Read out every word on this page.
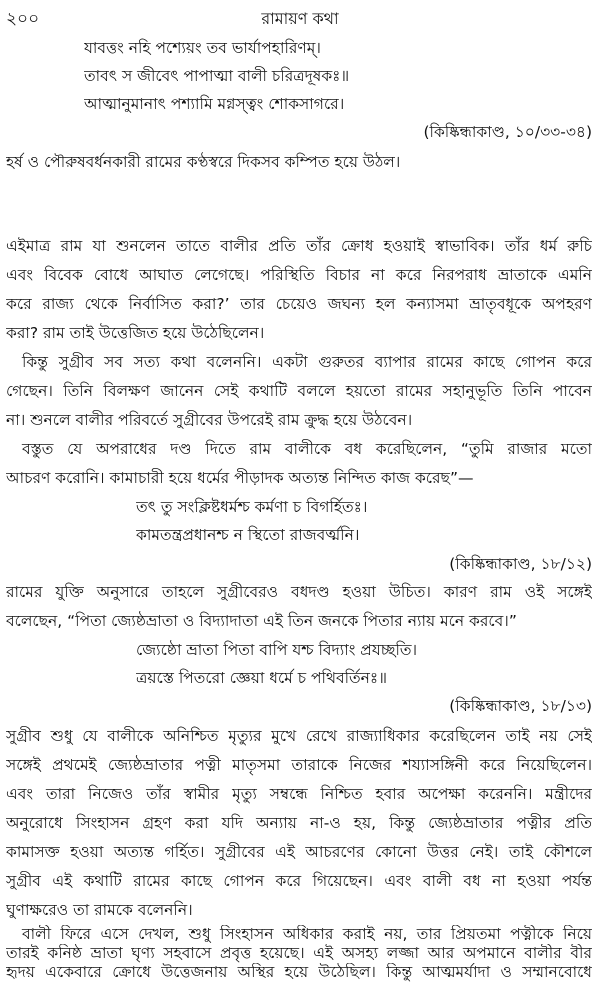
২০০	রামায়ণ কথা
যাবত্তং নহি পশ্যেয়ং তব ভার্যাপহারিণম্‌।
তাবৎ স জীবেৎ পাপাত্মা বালী চরিত্রদূষকঃ॥
আত্মানুমানাৎ পশ্যামি মগ্নস্ত্বং শোকসাগরে।
(কিষ্কিন্ধাকাণ্ড, ১০/৩৩-৩৪)
হর্ষ ও পৌরুষবর্ধনকারী রামের কণ্ঠস্বরে দিকসব কম্পিত হয়ে উঠল।
এইমাত্র রাম যা শুনলেন তাতে বালীর প্রতি তাঁর ক্রোধ হওয়াই স্বাভাবিক। তাঁর ধর্ম রুচি
এবং বিবেক বোধে আঘাত লেগেছে। পরিস্থিতি বিচার না করে নিরপরাধ ভ্রাতাকে এমনি
করে রাজ্য থেকে নির্বাসিত করা?’ তার চেয়েও জঘন্য হল কন্যাসমা ভ্রাতৃবধূকে অপহরণ
করা? রাম তাই উত্তেজিত হয়ে উঠেছিলেন।
কিন্তু সুগ্রীব সব সত্য কথা বলেননি। একটা গুরুতর ব্যাপার রামের কাছে গোপন করে
গেছেন। তিনি বিলক্ষণ জানেন সেই কথাটি বললে হয়তো রামের সহানুভূতি তিনি পাবেন
না। শুনলে বালীর পরিবর্তে সুগ্রীবের উপরেই রাম ক্রুদ্ধ হয়ে উঠবেন।
বস্তুত যে অপরাধের দণ্ড দিতে রাম বালীকে বধ করেছিলেন, “তুমি রাজার মতো
আচরণ করোনি। কামাচারী হয়ে ধর্মের পীড়াদক অত্যন্ত নিন্দিত কাজ করেছ”—
তৎ তু সংক্লিষ্টধর্মশ্চ কর্মণা চ বিগর্হিতঃ।
কামতন্ত্রপ্রধানশ্চ ন স্থিতো রাজবর্ত্মনি।
(কিষ্কিন্ধাকাণ্ড, ১৮/১২)
রামের যুক্তি অনুসারে তাহলে সুগ্রীবেরও বধদণ্ড হওয়া উচিত। কারণ রাম ওই সঙ্গেই
বলেছেন, “পিতা জ্যেষ্ঠভ্রাতা ও বিদ্যাদাতা এই তিন জনকে পিতার ন্যায় মনে করবে।”
জ্যেষ্ঠো ভ্রাতা পিতা বাপি যশ্চ বিদ্যাং প্রযচ্ছতি।
ত্রয়স্তে পিতরো জ্ঞেয়া ধর্মে চ পথিবর্তিনঃ॥
(কিষ্কিন্ধাকাণ্ড, ১৮/১৩)
সুগ্রীব শুধু যে বালীকে অনিশ্চিত মৃত্যুর মুখে রেখে রাজ্যাধিকার করেছিলেন তাই নয় সেই
সঙ্গেই প্রথমেই জ্যেষ্ঠভ্রাতার পত্নী মাতৃসমা তারাকে নিজের শয্যাসঙ্গিনী করে নিয়েছিলেন।
এবং তারা নিজেও তাঁর স্বামীর মৃত্যু সম্বন্ধে নিশ্চিত হবার অপেক্ষা করেননি। মন্ত্রীদের
অনুরোধে সিংহাসন গ্রহণ করা যদি অন্যায় না-ও হয়, কিন্তু জ্যেষ্ঠভ্রাতার পত্নীর প্রতি
কামাসক্ত হওয়া অত্যন্ত গর্হিত। সুগ্রীবের এই আচরণের কোনো উত্তর নেই। তাই কৌশলে
সুগ্রীব এই কথাটি রামের কাছে গোপন করে গিয়েছেন। এবং বালী বধ না হওয়া পর্যন্ত
ঘুণাক্ষরেও তা রামকে বলেননি।
বালী ফিরে এসে দেখল, শুধু সিংহাসন অধিকার করাই নয়, তার প্রিয়তমা পত্নীকে নিয়ে
তারই কনিষ্ঠ ভ্রাতা ঘৃণ্য সহবাসে প্রবৃত্ত হয়েছে। এই অসহ্য লজ্জা আর অপমানে বালীর বীর
হৃদয় একেবারে ক্রোধে উত্তেজনায় অস্থির হয়ে উঠেছিল। কিন্তু আত্মমর্যাদা ও সম্মানবোধে
